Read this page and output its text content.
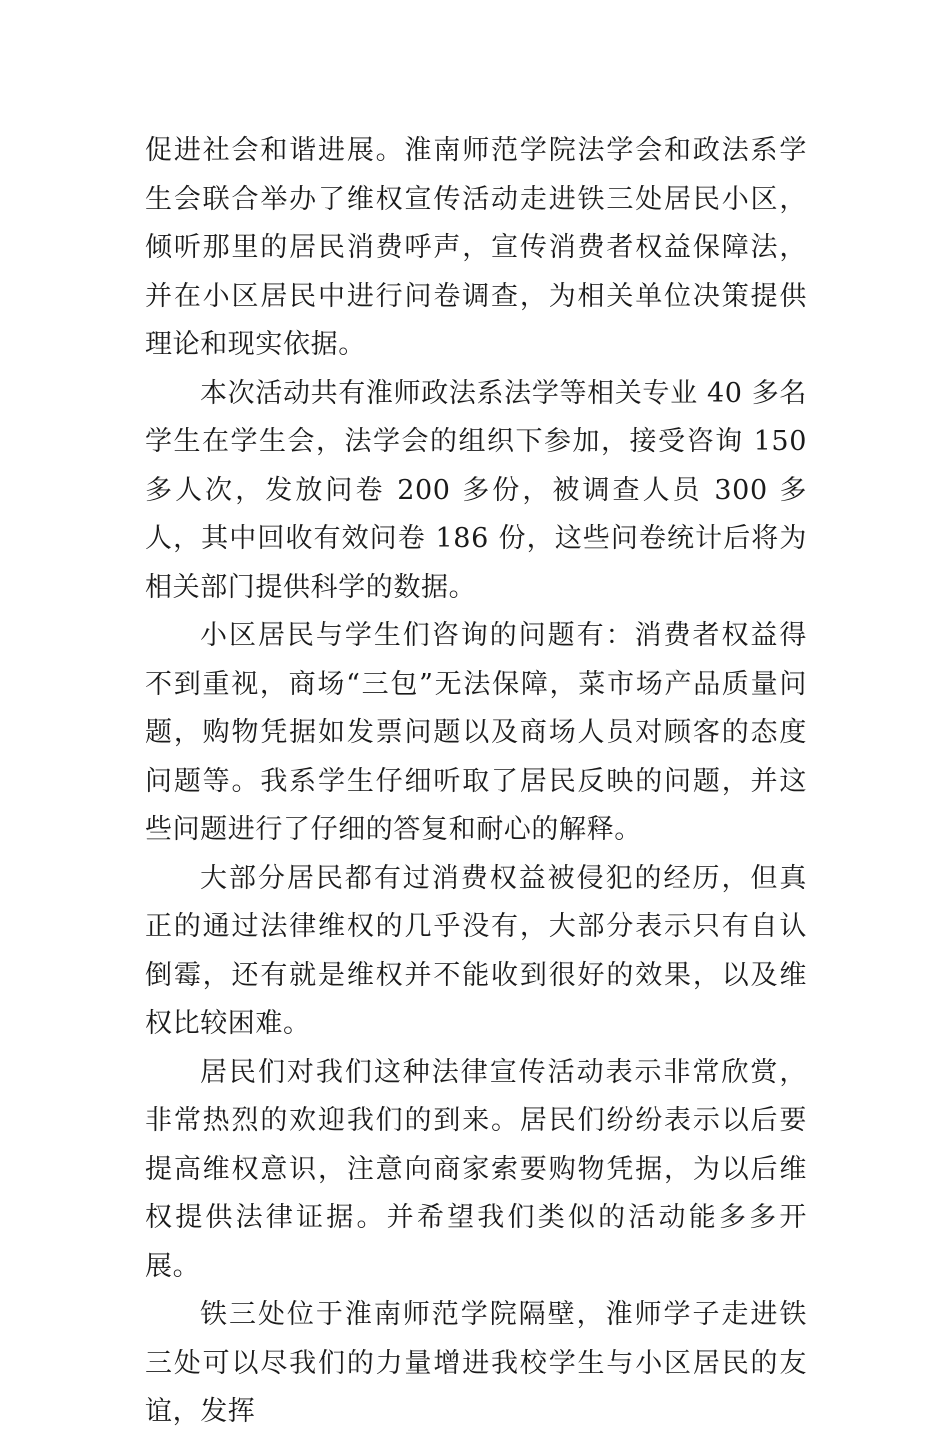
促进社会和谐进展。淮南师范学院法学会和政法系学生会联合举办了维权宣传活动走进铁三处居民小区，倾听那里的居民消费呼声，宣传消费者权益保障法，并在小区居民中进行问卷调查，为相关单位决策提供理论和现实依据。

本次活动共有淮师政法系法学等相关专业 40 多名学生在学生会，法学会的组织下参加，接受咨询 150 多人次，发放问卷 200 多份，被调查人员 300 多人，其中回收有效问卷 186 份，这些问卷统计后将为相关部门提供科学的数据。

小区居民与学生们咨询的问题有：消费者权益得不到重视，商场“三包”无法保障，菜市场产品质量问题，购物凭据如发票问题以及商场人员对顾客的态度问题等。我系学生仔细听取了居民反映的问题，并这些问题进行了仔细的答复和耐心的解释。

大部分居民都有过消费权益被侵犯的经历，但真正的通过法律维权的几乎没有，大部分表示只有自认倒霉，还有就是维权并不能收到很好的效果，以及维权比较困难。

居民们对我们这种法律宣传活动表示非常欣赏，非常热烈的欢迎我们的到来。居民们纷纷表示以后要提高维权意识，注意向商家索要购物凭据，为以后维权提供法律证据。并希望我们类似的活动能多多开展。

铁三处位于淮南师范学院隔壁，淮师学子走进铁三处可以尽我们的力量增进我校学生与小区居民的友谊，发挥
